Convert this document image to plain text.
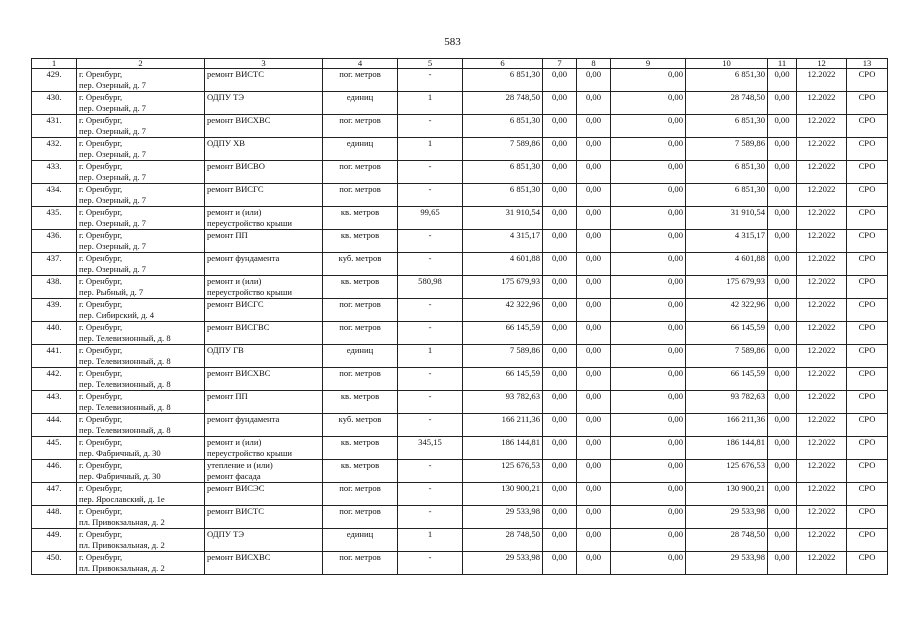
583
1	2	3	4	5	6	7	8	9	10	11	12	13
429.	г. Оренбург,
пер. Озерный, д. 7	ремонт ВИСТС	пог. метров	-	6 851,30	0,00	0,00	0,00	6 851,30	0,00	12.2022	СРО
430.	г. Оренбург,
пер. Озерный, д. 7	ОДПУ ТЭ	единиц	1	28 748,50	0,00	0,00	0,00	28 748,50	0,00	12.2022	СРО
431.	г. Оренбург,
пер. Озерный, д. 7	ремонт ВИСХВС	пог. метров	-	6 851,30	0,00	0,00	0,00	6 851,30	0,00	12.2022	СРО
432.	г. Оренбург,
пер. Озерный, д. 7	ОДПУ ХВ	единиц	1	7 589,86	0,00	0,00	0,00	7 589,86	0,00	12.2022	СРО
433.	г. Оренбург,
пер. Озерный, д. 7	ремонт ВИСВО	пог. метров	-	6 851,30	0,00	0,00	0,00	6 851,30	0,00	12.2022	СРО
434.	г. Оренбург,
пер. Озерный, д. 7	ремонт ВИСГС	пог. метров	-	6 851,30	0,00	0,00	0,00	6 851,30	0,00	12.2022	СРО
435.	г. Оренбург,
пер. Озерный, д. 7	ремонт и (или)
переустройство крыши	кв. метров	99,65	31 910,54	0,00	0,00	0,00	31 910,54	0,00	12.2022	СРО
436.	г. Оренбург,
пер. Озерный, д. 7	ремонт ПП	кв. метров	-	4 315,17	0,00	0,00	0,00	4 315,17	0,00	12.2022	СРО
437.	г. Оренбург,
пер. Озерный, д. 7	ремонт фундамента	куб. метров	-	4 601,88	0,00	0,00	0,00	4 601,88	0,00	12.2022	СРО
438.	г. Оренбург,
пер. Рыбный, д. 7	ремонт и (или)
переустройство крыши	кв. метров	580,98	175 679,93	0,00	0,00	0,00	175 679,93	0,00	12.2022	СРО
439.	г. Оренбург,
пер. Сибирский, д. 4	ремонт ВИСГС	пог. метров	-	42 322,96	0,00	0,00	0,00	42 322,96	0,00	12.2022	СРО
440.	г. Оренбург,
пер. Телевизионный, д. 8	ремонт ВИСГВС	пог. метров	-	66 145,59	0,00	0,00	0,00	66 145,59	0,00	12.2022	СРО
441.	г. Оренбург,
пер. Телевизионный, д. 8	ОДПУ ГВ	единиц	1	7 589,86	0,00	0,00	0,00	7 589,86	0,00	12.2022	СРО
442.	г. Оренбург,
пер. Телевизионный, д. 8	ремонт ВИСХВС	пог. метров	-	66 145,59	0,00	0,00	0,00	66 145,59	0,00	12.2022	СРО
443.	г. Оренбург,
пер. Телевизионный, д. 8	ремонт ПП	кв. метров	-	93 782,63	0,00	0,00	0,00	93 782,63	0,00	12.2022	СРО
444.	г. Оренбург,
пер. Телевизионный, д. 8	ремонт фундамента	куб. метров	-	166 211,36	0,00	0,00	0,00	166 211,36	0,00	12.2022	СРО
445.	г. Оренбург,
пер. Фабричный, д. 30	ремонт и (или)
переустройство крыши	кв. метров	345,15	186 144,81	0,00	0,00	0,00	186 144,81	0,00	12.2022	СРО
446.	г. Оренбург,
пер. Фабричный, д. 30	утепление и (или)
ремонт фасада	кв. метров	-	125 676,53	0,00	0,00	0,00	125 676,53	0,00	12.2022	СРО
447.	г. Оренбург,
пер. Ярославский, д. 1е	ремонт ВИСЭС	пог. метров	-	130 900,21	0,00	0,00	0,00	130 900,21	0,00	12.2022	СРО
448.	г. Оренбург,
пл. Привокзальная, д. 2	ремонт ВИСТС	пог. метров	-	29 533,98	0,00	0,00	0,00	29 533,98	0,00	12.2022	СРО
449.	г. Оренбург,
пл. Привокзальная, д. 2	ОДПУ ТЭ	единиц	1	28 748,50	0,00	0,00	0,00	28 748,50	0,00	12.2022	СРО
450.	г. Оренбург,
пл. Привокзальная, д. 2	ремонт ВИСХВС	пог. метров	-	29 533,98	0,00	0,00	0,00	29 533,98	0,00	12.2022	СРО
